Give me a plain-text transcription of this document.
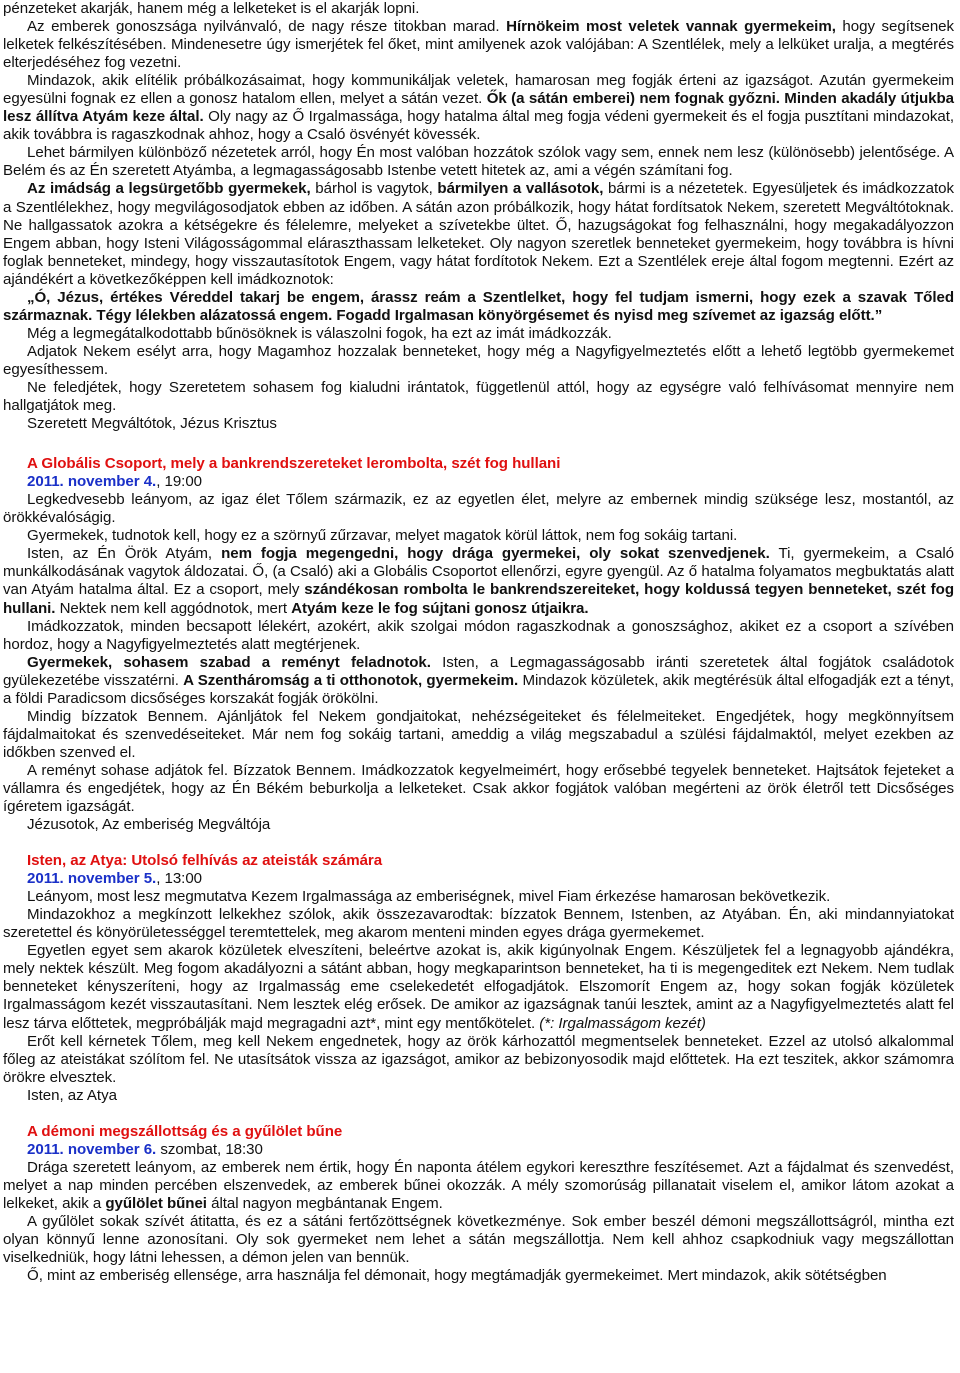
pénzeteket akarják, hanem még a lelketeket is el akarják lopni.

Az emberek gonoszsága nyilvánvaló, de nagy része titokban marad. Hírnökeim most veletek vannak gyermekeim, hogy segítsenek lelketek felkészítésében. Mindenesetre úgy ismerjétek fel őket, mint amilyenek azok valójában: A Szentlélek, mely a lelküket uralja, a megtérés elterjedéséhez fog vezetni.

Mindazok, akik elítélik próbálkozásaimat, hogy kommunikáljak veletek, hamarosan meg fogják érteni az igazságot. Azután gyermekeim egyesülni fognak ez ellen a gonosz hatalom ellen, melyet a sátán vezet. Ők (a sátán emberei) nem fognak győzni. Minden akadály útjukba lesz állítva Atyám keze által. Oly nagy az Ő Irgalmassága, hogy hatalma által meg fogja védeni gyermekeit és el fogja pusztítani mindazokat, akik továbbra is ragaszkodnak ahhoz, hogy a Csaló ösvényét kövessék.

Lehet bármilyen különböző nézetetek arról, hogy Én most valóban hozzátok szólok vagy sem, ennek nem lesz (különösebb) jelentősége. A Belém és az Én szeretett Atyámba, a legmagasságosabb Istenbe vetett hitetek az, ami a végén számítani fog.

Az imádság a legsürgetőbb gyermekek, bárhol is vagytok, bármilyen a vallásotok, bármi is a nézetetek. Egyesüljetek és imádkozzatok a Szentlélekhez, hogy megvilágosodjatok ebben az időben. A sátán azon próbálkozik, hogy hátat fordítsatok Nekem, szeretett Megváltótoknak. Ne hallgassatok azokra a kétségekre és félelemre, melyeket a szívetekbe ültet. Ő, hazugságokat fog felhasználni, hogy megakadályozzon Engem abban, hogy Isteni Világosságommal eláraszthassam lelketeket. Oly nagyon szeretlek benneteket gyermekeim, hogy továbbra is hívni foglak benneteket, mindegy, hogy visszautasítotok Engem, vagy hátat fordítotok Nekem. Ezt a Szentlélek ereje által fogom megtenni. Ezért az ajándékért a következőképpen kell imádkoznotok:

„Ó, Jézus, értékes Véreddel takarj be engem, árassz reám a Szentlelket, hogy fel tudjam ismerni, hogy ezek a szavak Tőled származnak. Tégy lélekben alázatossá engem. Fogadd Irgalmasan könyörgésemet és nyisd meg szívemet az igazság előtt.”

Még a legmegátalkodottabb bűnösöknek is válaszolni fogok, ha ezt az imát imádkozzák.

Adjatok Nekem esélyt arra, hogy Magamhoz hozzalak benneteket, hogy még a Nagyfigyelmeztetés előtt a lehető legtöbb gyermekemet egyesíthessem.

Ne feledjétek, hogy Szeretetem sohasem fog kialudni irántatok, függetlenül attól, hogy az egységre való felhívásomat mennyire nem hallgatjátok meg.

Szeretett Megváltótok, Jézus Krisztus

A Globális Csoport, mely a bankrendszereteket lerombolta, szét fog hullani

2011. november 4., 19:00

Legkedvesebb leányom, az igaz élet Tőlem származik, ez az egyetlen élet, melyre az embernek mindig szüksége lesz, mostantól, az örökkévalóságig.

Gyermekek, tudnotok kell, hogy ez a szörnyű zűrzavar, melyet magatok körül láttok, nem fog sokáig tartani.

Isten, az Én Örök Atyám, nem fogja megengedni, hogy drága gyermekei, oly sokat szenvedjenek. Ti, gyermekeim, a Csaló munkálkodásának vagytok áldozatai. Ő, (a Csaló) aki a Globális Csoportot ellenőrzi, egyre gyengül. Az ő hatalma folyamatos megbuktatás alatt van Atyám hatalma által. Ez a csoport, mely szándékosan rombolta le bankrendszereiteket, hogy koldussá tegyen benneteket, szét fog hullani. Nektek nem kell aggódnotok, mert Atyám keze le fog sújtani gonosz útjaikra.

Imádkozzatok, minden becsapott lélekért, azokért, akik szolgai módon ragaszkodnak a gonoszsághoz, akiket ez a csoport a szívében hordoz, hogy a Nagyfigyelmeztetés alatt megtérjenek.

Gyermekek, sohasem szabad a reményt feladnotok. Isten, a Legmagasságosabb iránti szeretetek által fogjátok családotok gyülekezetébe visszatérni. A Szentháromság a ti otthonotok, gyermekeim. Mindazok közületek, akik megtérésük által elfogadják ezt a tényt, a földi Paradicsom dicsőséges korszakát fogják örökölni.

Mindig bízzatok Bennem. Ajánljátok fel Nekem gondjaitokat, nehézségeiteket és félelmeiteket. Engedjétek, hogy megkönnyítsem fájdalmaitokat és szenvedéseiteket. Már nem fog sokáig tartani, ameddig a világ megszabadul a szülési fájdalmaktól, melyet ezekben az időkben szenved el.

A reményt sohase adjátok fel. Bízzatok Bennem. Imádkozzatok kegyelmeimért, hogy erősebbé tegyelek benneteket. Hajtsátok fejeteket a vállamra és engedjétek, hogy az Én Békém beburkolja a lelketeket. Csak akkor fogjátok valóban megérteni az örök életről tett Dicsőséges ígéretem igazságát.

Jézusotok, Az emberiség Megváltója

Isten, az Atya: Utolsó felhívás az ateisták számára

2011. november 5., 13:00

Leányom, most lesz megmutatva Kezem Irgalmassága az emberiségnek, mivel Fiam érkezése hamarosan bekövetkezik.

Mindazokhoz a megkínzott lelkekhez szólok, akik összezavarodtak: bízzatok Bennem, Istenben, az Atyában. Én, aki mindannyiatokat szeretettel és könyörületességgel teremtettelek, meg akarom menteni minden egyes drága gyermekemet.

Egyetlen egyet sem akarok közületek elveszíteni, beleértve azokat is, akik kigúnyolnak Engem. Készüljetek fel a legnagyobb ajándékra, mely nektek készült. Meg fogom akadályozni a sátánt abban, hogy megkaparintson benneteket, ha ti is megengeditek ezt Nekem. Nem tudlak benneteket kényszeríteni, hogy az Irgalmasság eme cselekedetét elfogadjátok. Elszomorít Engem az, hogy sokan fogják közületek Irgalmasságom kezét visszautasítani. Nem lesztek elég erősek. De amikor az igazságnak tanúi lesztek, amint az a Nagyfigyelmeztetés alatt fel lesz tárva előttetek, megpróbálják majd megragadni azt*, mint egy mentőkötelet. (*: Irgalmasságom kezét)

Erőt kell kérnetek Tőlem, meg kell Nekem engednetek, hogy az örök kárhozattól megmentselek benneteket. Ezzel az utolsó alkalommal főleg az ateistákat szólítom fel. Ne utasítsátok vissza az igazságot, amikor az bebizonyosodik majd előttetek. Ha ezt teszitek, akkor számomra örökre elvesztek.

Isten, az Atya

A démoni megszállottság és a gyűlölet bűne

2011. november 6. szombat, 18:30

Drága szeretett leányom, az emberek nem értik, hogy Én naponta átélem egykori kereszthre feszítésemet. Azt a fájdalmat és szenvedést, melyet a nap minden percében elszenvedek, az emberek bűnei okozzák. A mély szomorúság pillanatait viselem el, amikor látom azokat a lelkeket, akik a gyűlölet bűnei által nagyon megbántanak Engem.

A gyűlölet sokak szívét átitatta, és ez a sátáni fertőzöttségnek következménye. Sok ember beszél démoni megszállottságról, mintha ezt olyan könnyű lenne azonosítani. Oly sok gyermeket nem lehet a sátán megszállottja. Nem kell ahhoz csapkodniuk vagy megszállottan viselkedniük, hogy látni lehessen, a démon jelen van bennük.

Ő, mint az emberiség ellensége, arra használja fel démonait, hogy megtámadják gyermekeimet. Mert mindazok, akik sötétségben
